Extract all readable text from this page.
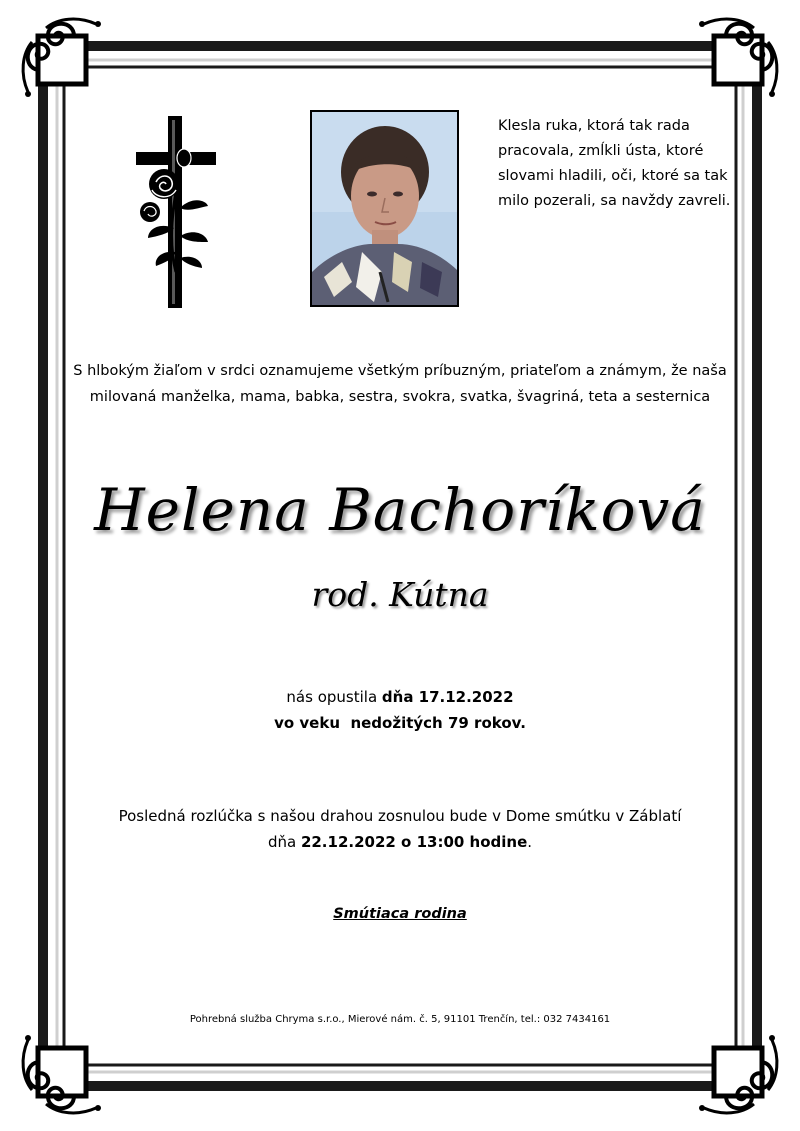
Klesla ruka, ktorá tak rada
pracovala, zmĺkli ústa, ktoré
slovami hladili, oči, ktoré sa tak
milo pozerali, sa navždy zavreli.
S hlbokým žiaľom v srdci oznamujeme všetkým príbuzným, priateľom a známym, že naša
milovaná manželka, mama, babka, sestra, svokra, svatka, švagriná, teta a sesternica
Helena Bachoríková
rod. Kútna
nás opustila dňa 17.12.2022
vo veku  nedožitých 79 rokov.
Posledná rozlúčka s našou drahou zosnulou bude v Dome smútku v Záblatí
dňa 22.12.2022 o 13:00 hodine.
Smútiaca rodina
Pohrebná služba Chryma s.r.o., Mierové nám. č. 5, 91101 Trenčín, tel.: 032 7434161
